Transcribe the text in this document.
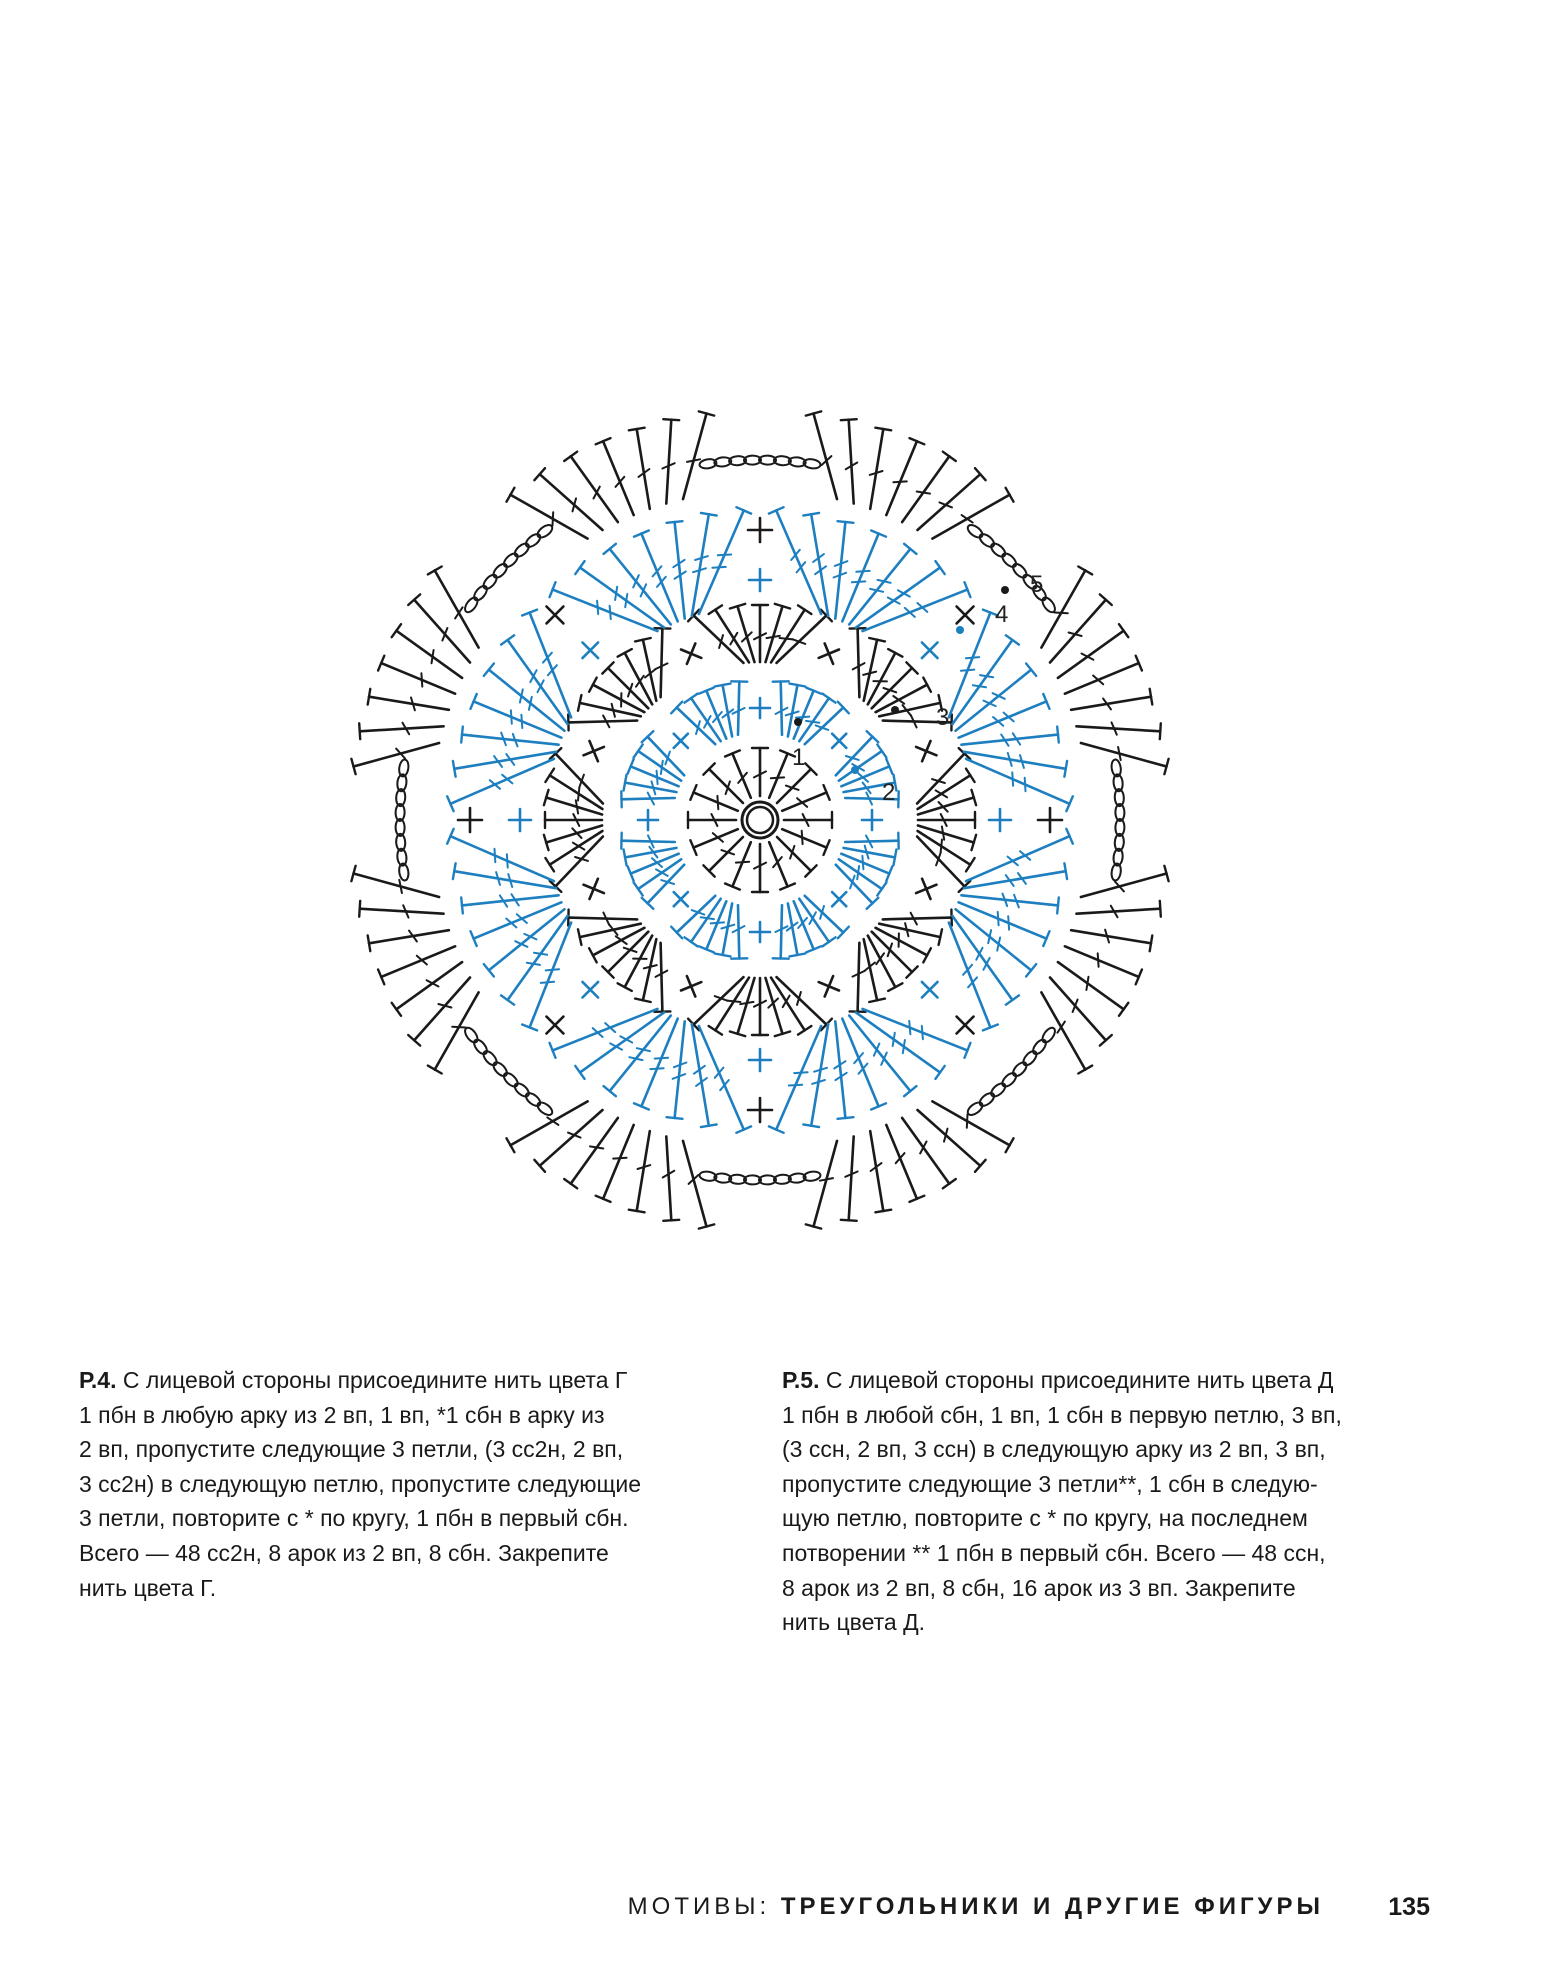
1
2
3
4
5
Р.4. С лицевой стороны присоедините нить цвета Г
1 пбн в любую арку из 2 вп, 1 вп, *1 сбн в арку из
2 вп, пропустите следующие 3 петли, (3 сс2н, 2 вп,
3 сс2н) в следующую петлю, пропустите следующие
3 петли, повторите с * по кругу, 1 пбн в первый сбн.
Всего — 48 сс2н, 8 арок из 2 вп, 8 сбн. Закрепите
нить цвета Г.
Р.5. С лицевой стороны присоедините нить цвета Д
1 пбн в любой сбн, 1 вп, 1 сбн в первую петлю, 3 вп,
(3 ссн, 2 вп, 3 ссн) в следующую арку из 2 вп, 3 вп,
пропустите следующие 3 петли**, 1 сбн в следую-
щую петлю, повторите с * по кругу, на последнем
потворении ** 1 пбн в первый сбн. Всего — 48 ссн,
8 арок из 2 вп, 8 сбн, 16 арок из 3 вп. Закрепите
нить цвета Д.
МОТИВЫ: ТРЕУГОЛЬНИКИ И ДРУГИЕ ФИГУРЫ	135
